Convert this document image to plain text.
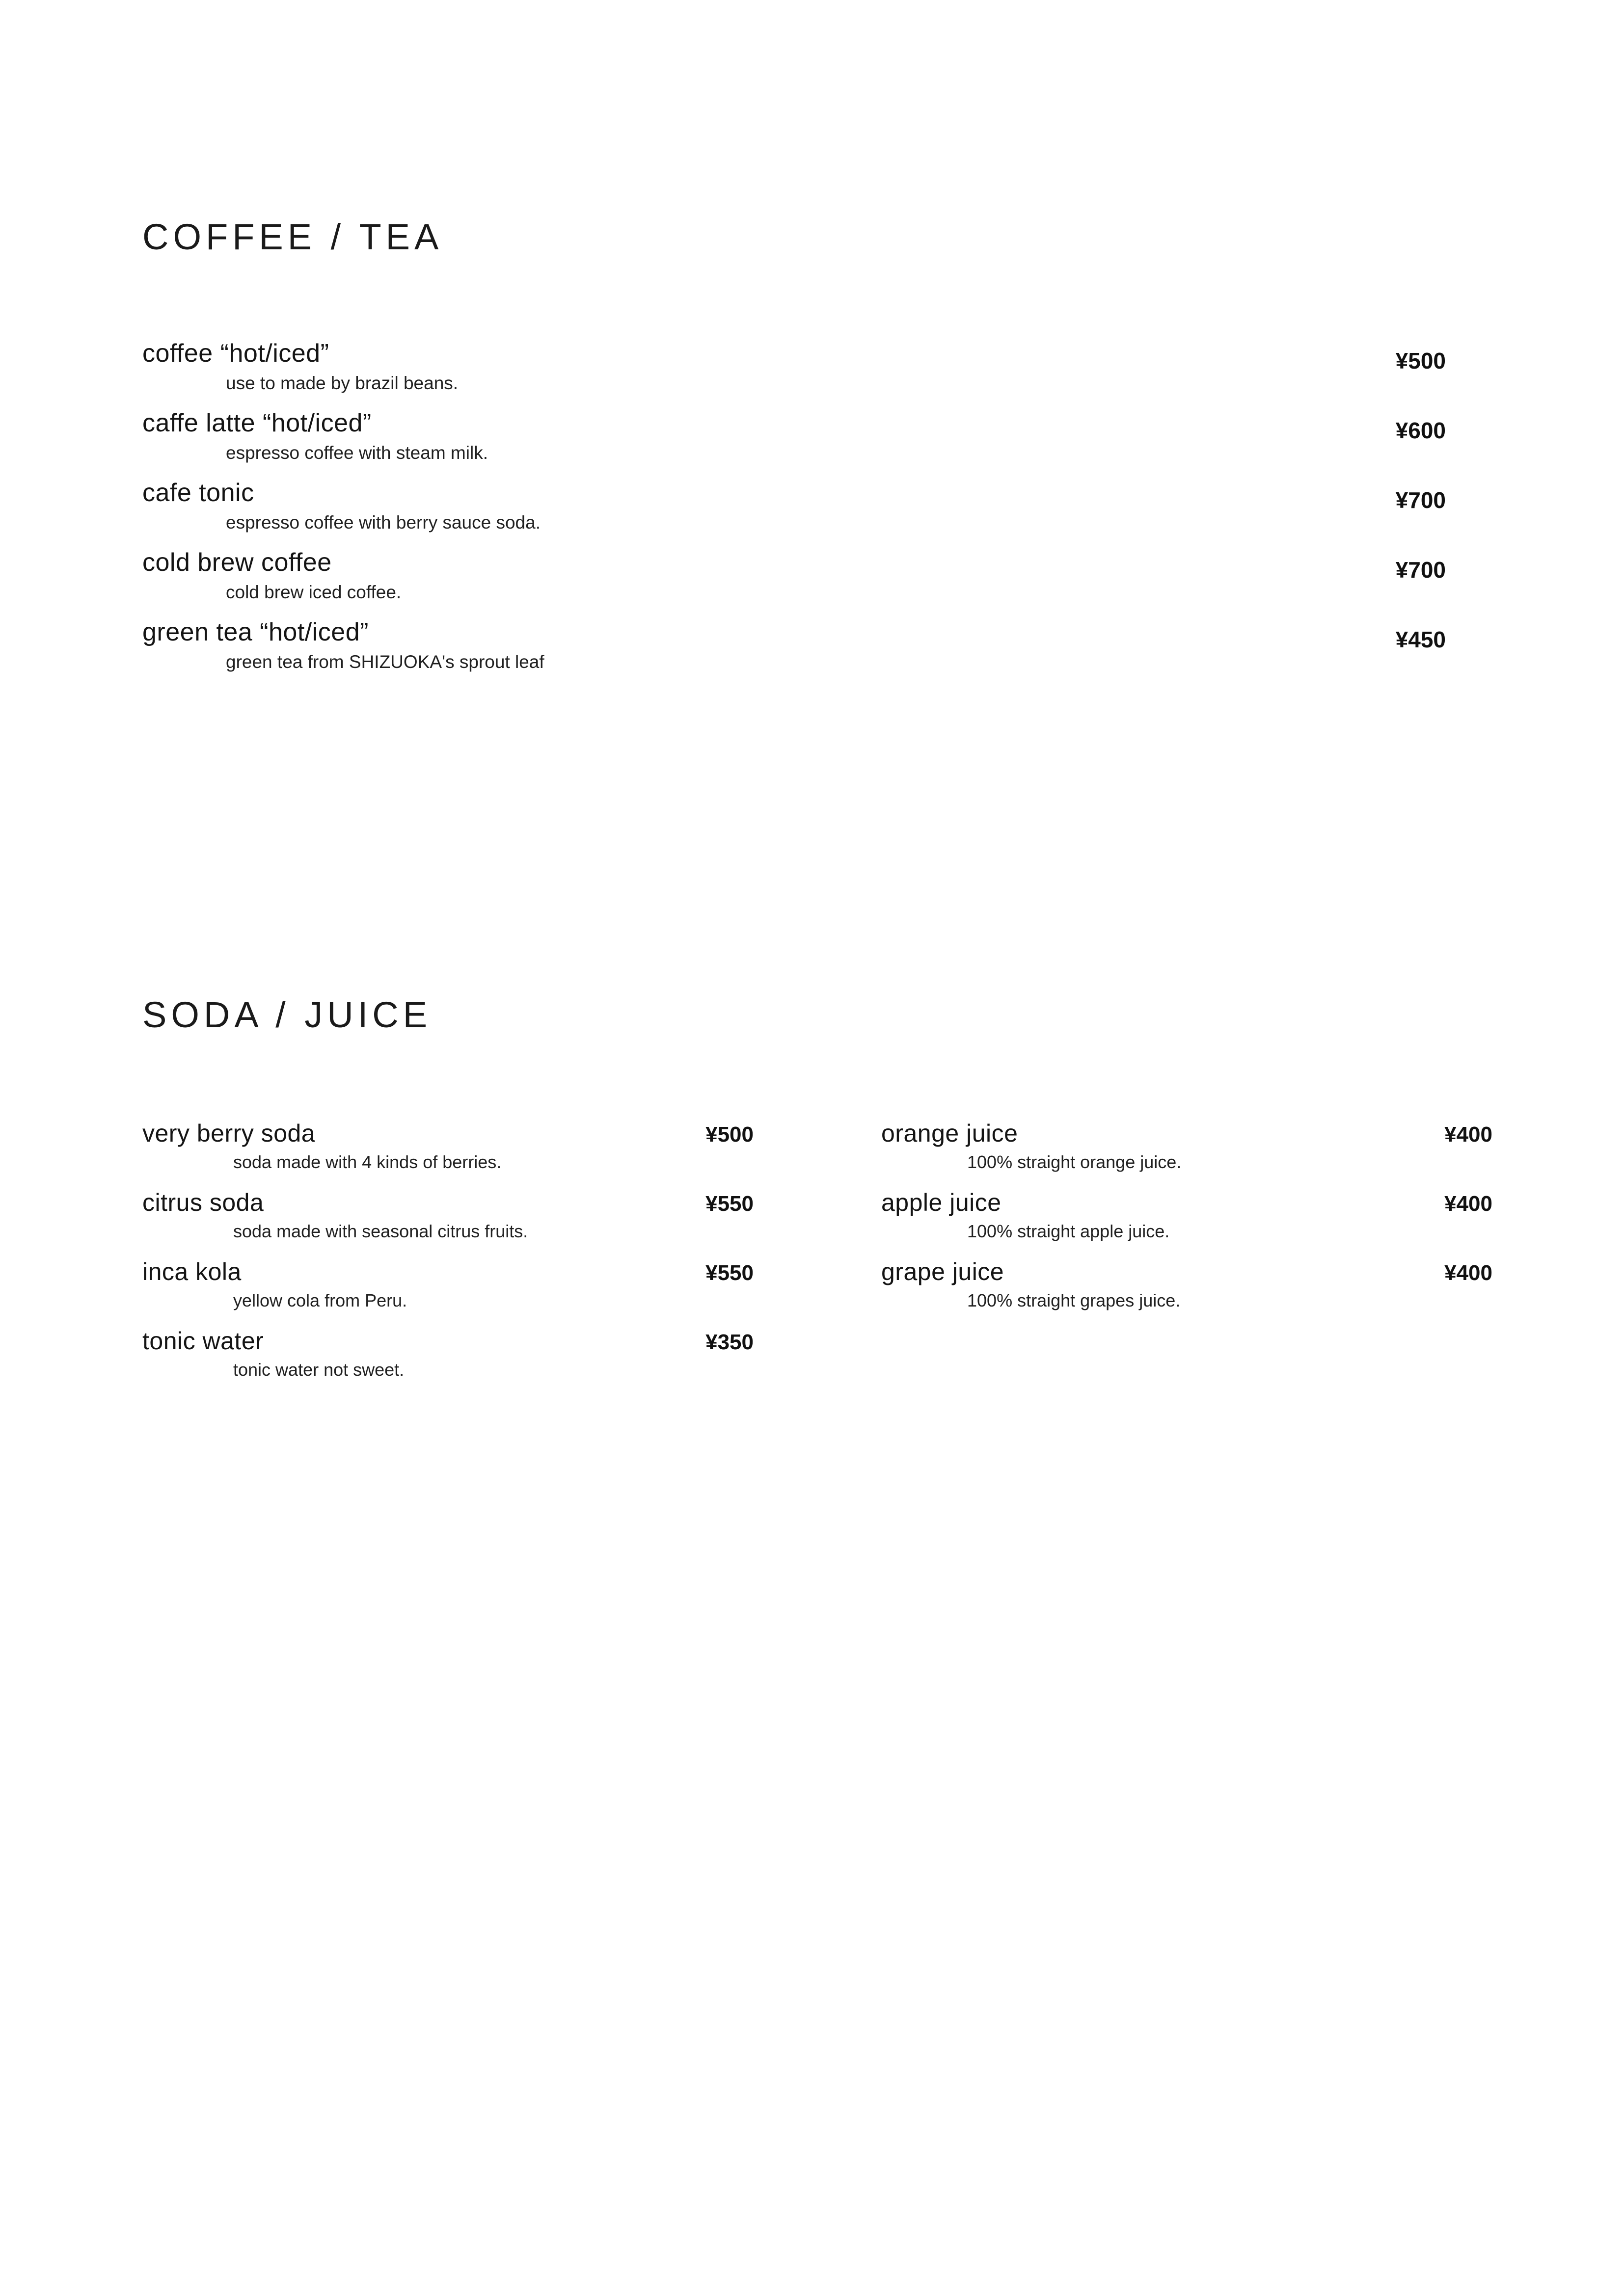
COFFEE / TEA
coffee “hot/iced”	¥500
use to made by brazil beans.
caffe latte “hot/iced”	¥600
espresso coffee with steam milk.
cafe tonic	¥700
espresso coffee with berry sauce soda.
cold brew coffee	¥700
cold brew iced coffee.
green tea “hot/iced”	¥450
green tea from SHIZUOKA's sprout leaf
SODA / JUICE
very berry soda	¥500
soda made with 4 kinds of berries.
citrus soda	¥550
soda made with seasonal citrus fruits.
inca kola	¥550
yellow cola from Peru.
tonic water	¥350
tonic water not sweet.
orange juice	¥400
100% straight orange juice.
apple juice	¥400
100% straight apple juice.
grape juice	¥400
100% straight grapes juice.
